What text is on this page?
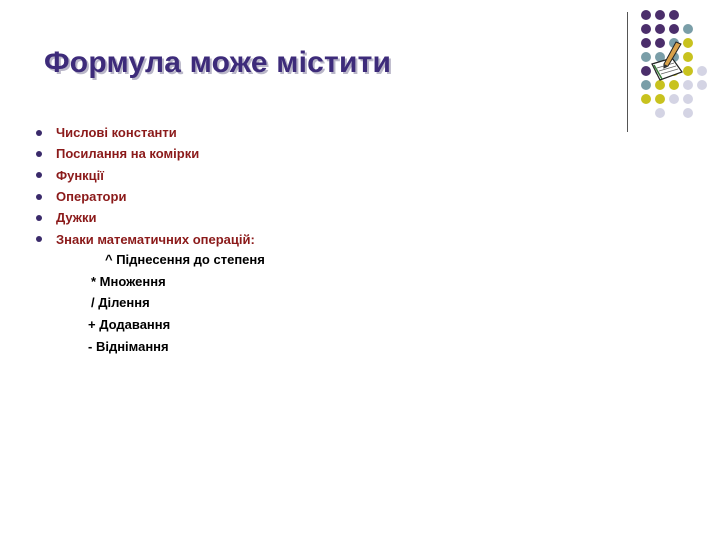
Формула може містити
Числові константи
Посилання на комірки
Функції
Оператори
Дужки
Знаки математичних операцій:
^ Піднесення до степеня
* Множення
/ Ділення
+ Додавання
- Віднімання
